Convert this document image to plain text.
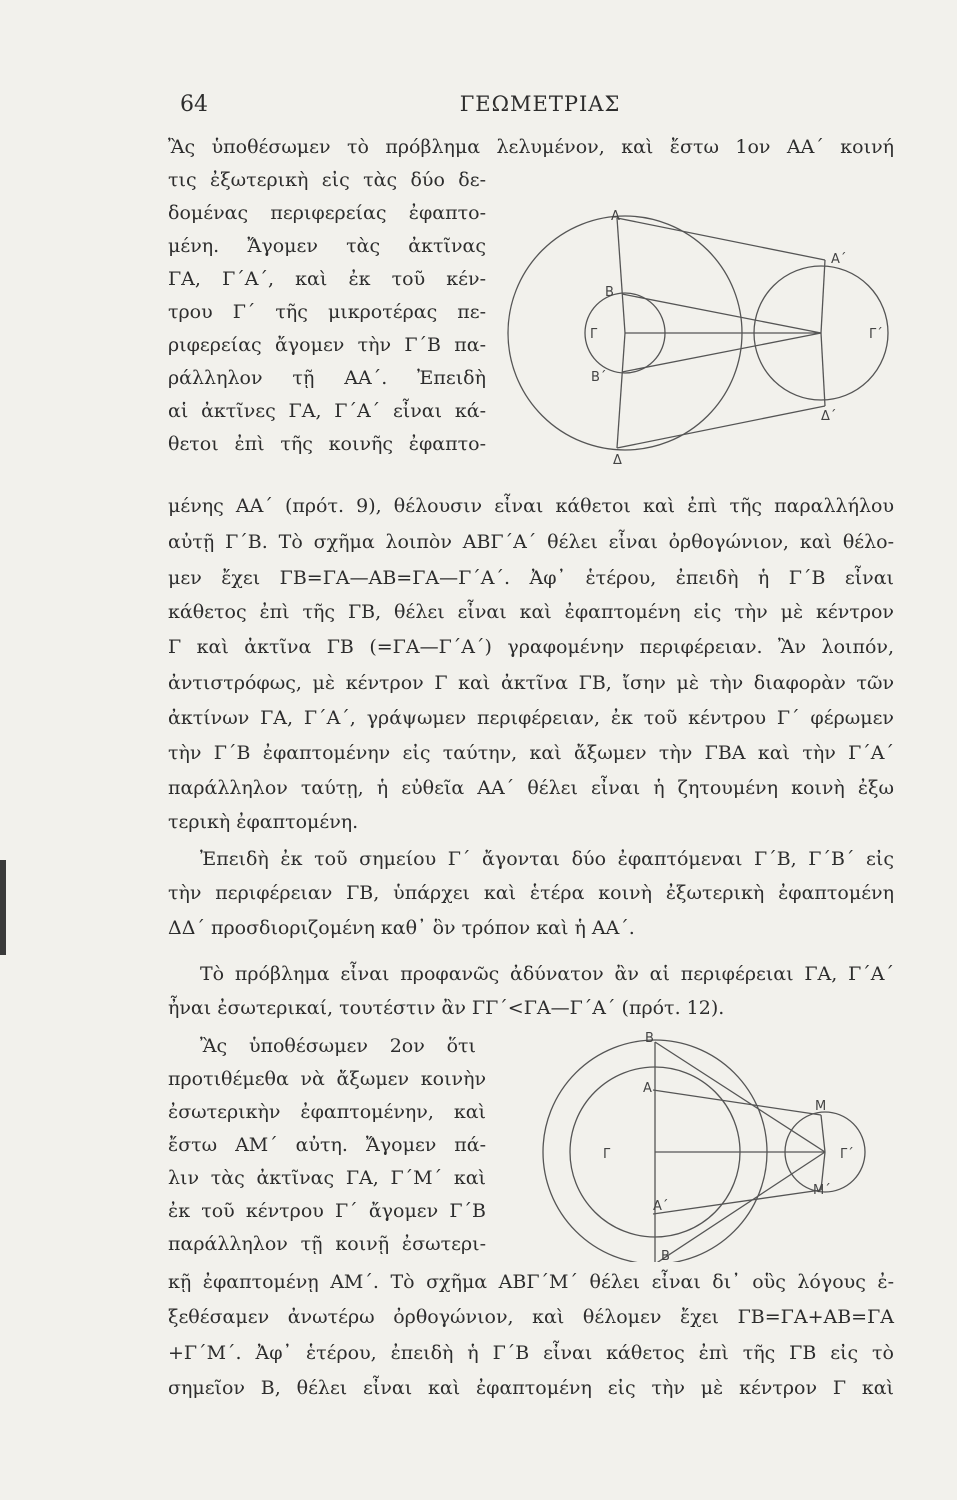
64	ΓΕΩΜΕΤΡΙΑΣ
Ἂς ὑποθέσωμεν τὸ πρόβλημα λελυμένον, καὶ ἔστω 1ον ΑΑ΄ κοινή
τις ἐξωτερικὴ εἰς τὰς δύο δε-
δομένας περιφερείας ἐφαπτο-
μένη. Ἄγομεν τὰς ἀκτῖνας
ΓΑ, Γ΄Α΄, καὶ ἐκ τοῦ κέν-
τρου Γ΄ τῆς μικροτέρας πε-
ριφερείας ἄγομεν τὴν Γ΄Β πα-
ράλληλον τῇ ΑΑ΄. Ἐπειδὴ
αἱ ἀκτῖνες ΓΑ, Γ΄Α΄ εἶναι κά-
θετοι ἐπὶ τῆς κοινῆς ἐφαπτο-
Α
Α΄
Β
Γ	Γ΄
Β΄
Δ
Δ΄
μένης ΑΑ΄ (πρότ. 9), θέλουσιν εἶναι κάθετοι καὶ ἐπὶ τῆς παραλλήλου
αὐτῇ Γ΄Β. Τὸ σχῆμα λοιπὸν ΑΒΓ΄Α΄ θέλει εἶναι ὀρθογώνιον, καὶ θέλο-
μεν ἔχει ΓΒ=ΓΑ—ΑΒ=ΓΑ—Γ΄Α΄. Ἀφ᾽ ἑτέρου, ἐπειδὴ ἡ Γ΄Β εἶναι
κάθετος ἐπὶ τῆς ΓΒ, θέλει εἶναι καὶ ἐφαπτομένη εἰς τὴν μὲ κέντρον
Γ καὶ ἀκτῖνα ΓΒ (=ΓΑ—Γ΄Α΄) γραφομένην περιφέρειαν. Ἂν λοιπόν,
ἀντιστρόφως, μὲ κέντρον Γ καὶ ἀκτῖνα ΓΒ, ἴσην μὲ τὴν διαφορὰν τῶν
ἀκτίνων ΓΑ, Γ΄Α΄, γράψωμεν περιφέρειαν, ἐκ τοῦ κέντρου Γ΄ φέρωμεν
τὴν Γ΄Β ἐφαπτομένην εἰς ταύτην, καὶ ἄξωμεν τὴν ΓΒΑ καὶ τὴν Γ΄Α΄
παράλληλον ταύτῃ, ἡ εὐθεῖα ΑΑ΄ θέλει εἶναι ἡ ζητουμένη κοινὴ ἐξω
τερικὴ ἐφαπτομένη.
Ἐπειδὴ ἐκ τοῦ σημείου Γ΄ ἄγονται δύο ἐφαπτόμεναι Γ΄Β, Γ΄Β΄ εἰς
τὴν περιφέρειαν ΓΒ, ὑπάρχει καὶ ἑτέρα κοινὴ ἐξωτερικὴ ἐφαπτομένη
ΔΔ΄ προσδιοριζομένη καθ᾽ ὃν τρόπον καὶ ἡ ΑΑ΄.
Τὸ πρόβλημα εἶναι προφανῶς ἀδύνατον ἂν αἱ περιφέρειαι ΓΑ, Γ΄Α΄
ἦναι ἐσωτερικαί, τουτέστιν ἂν ΓΓ΄<ΓΑ—Γ΄Α΄ (πρότ. 12).
Ἂς ὑποθέσωμεν 2ον ὅτι
προτιθέμεθα νὰ ἄξωμεν κοινὴν
ἐσωτερικὴν ἐφαπτομένην, καὶ
ἔστω ΑΜ΄ αὐτη. Ἄγομεν πά-
λιν τὰς ἀκτῖνας ΓΑ, Γ΄Μ΄ καὶ
ἐκ τοῦ κέντρου Γ΄ ἄγομεν Γ΄Β
παράλληλον τῇ κοινῇ ἐσωτερι-
Β
Α
Μ
Γ	Γ΄
Μ΄
Α΄
Β
κῇ ἐφαπτομένῃ ΑΜ΄. Τὸ σχῆμα ΑΒΓ΄Μ΄ θέλει εἶναι δι᾽ οὓς λόγους ἐ-
ξεθέσαμεν ἀνωτέρω ὀρθογώνιον, καὶ θέλομεν ἔχει ΓΒ=ΓΑ+ΑΒ=ΓΑ
+Γ΄Μ΄. Ἀφ᾽ ἑτέρου, ἐπειδὴ ἡ Γ΄Β εἶναι κάθετος ἐπὶ τῆς ΓΒ εἰς τὸ
σημεῖον Β, θέλει εἶναι καὶ ἐφαπτομένη εἰς τὴν μὲ κέντρον Γ καὶ
